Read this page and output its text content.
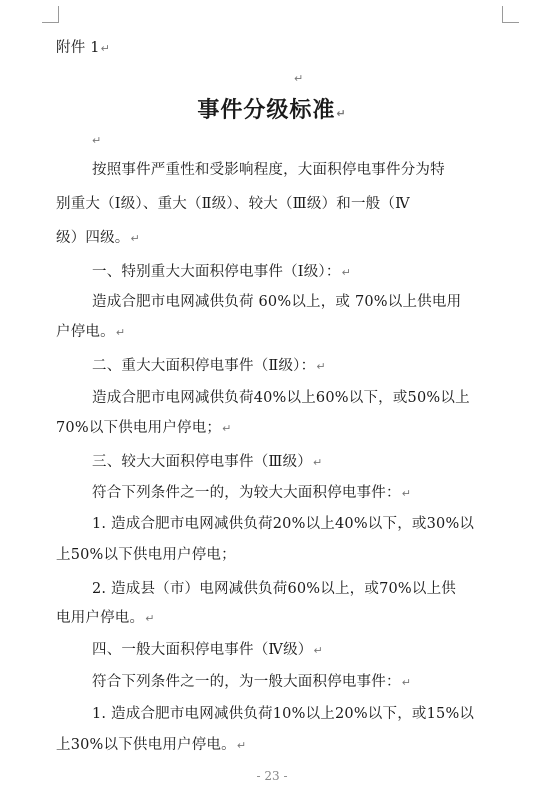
附件 1↵
↵
事件分级标准↵
↵
按照事件严重性和受影响程度，大面积停电事件分为特
别重大（Ⅰ级）、重大（Ⅱ级）、较大（Ⅲ级）和一般（Ⅳ
级）四级。↵
一、特别重大大面积停电事件（Ⅰ级）：↵
造成合肥市电网减供负荷 60%以上，或 70%以上供电用
户停电。↵
二、重大大面积停电事件（Ⅱ级）：↵
造成合肥市电网减供负荷40%以上60%以下，或50%以上
70%以下供电用户停电；↵
三、较大大面积停电事件（Ⅲ级）↵
符合下列条件之一的，为较大大面积停电事件：↵
1. 造成合肥市电网减供负荷20%以上40%以下，或30%以
上50%以下供电用户停电；
2. 造成县（市）电网减供负荷60%以上，或70%以上供
电用户停电。↵
四、一般大面积停电事件（Ⅳ级）↵
符合下列条件之一的，为一般大面积停电事件：↵
1. 造成合肥市电网减供负荷10%以上20%以下，或15%以
上30%以下供电用户停电。↵
- 23 -
